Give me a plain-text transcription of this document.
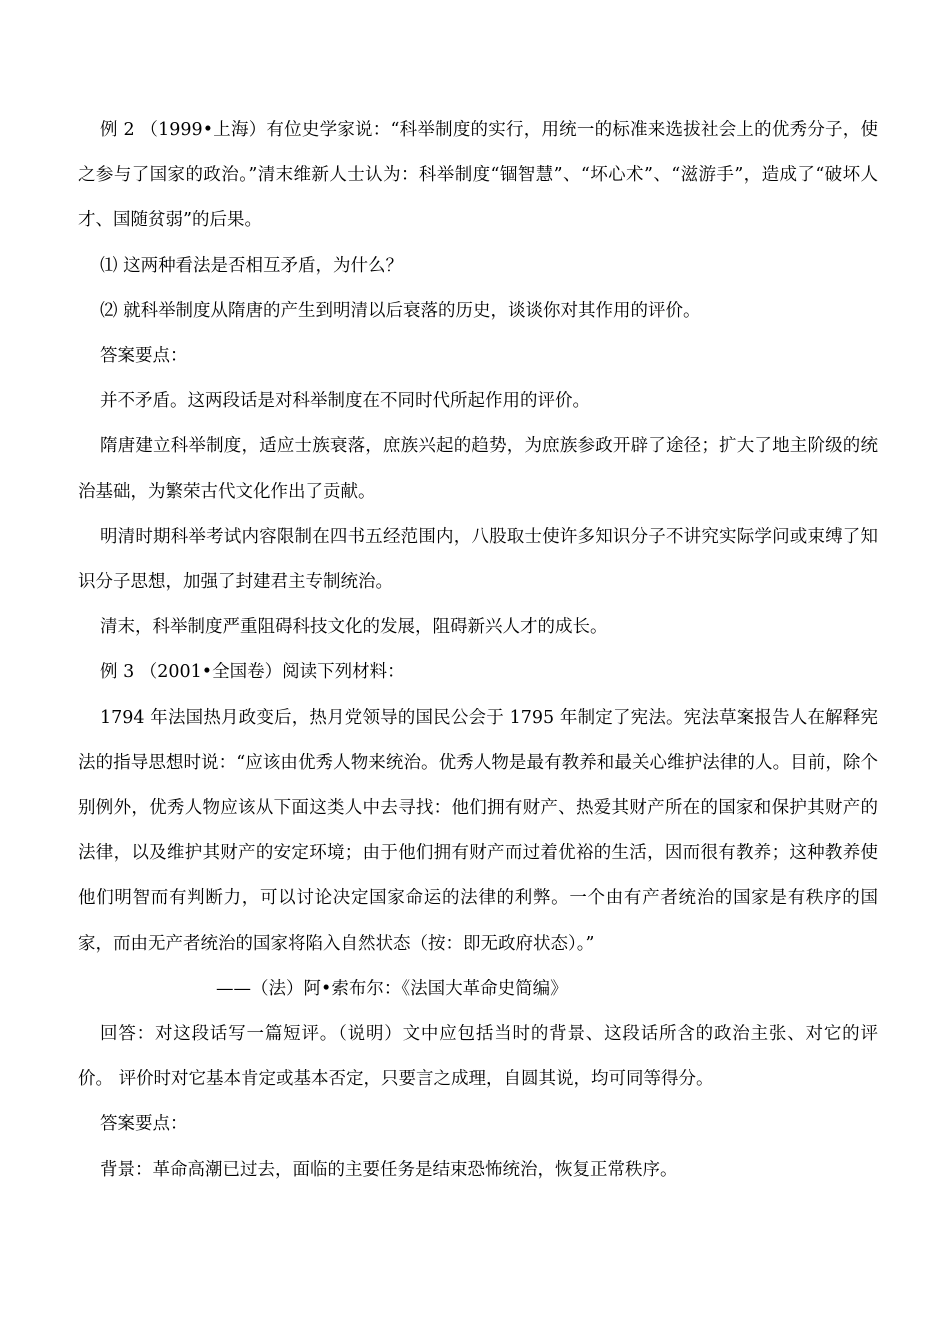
例 2 （1999•上海）有位史学家说：“科举制度的实行，用统一的标准来选拔社会上的优秀分子，使之参与了国家的政治。”清末维新人士认为：科举制度“锢智慧”、“坏心术”、“滋游手”，造成了“破坏人才、国随贫弱”的后果。

⑴ 这两种看法是否相互矛盾，为什么？

⑵ 就科举制度从隋唐的产生到明清以后衰落的历史，谈谈你对其作用的评价。

答案要点：

并不矛盾。这两段话是对科举制度在不同时代所起作用的评价。

隋唐建立科举制度，适应士族衰落，庶族兴起的趋势，为庶族参政开辟了途径；扩大了地主阶级的统治基础，为繁荣古代文化作出了贡献。

明清时期科举考试内容限制在四书五经范围内，八股取士使许多知识分子不讲究实际学问或束缚了知识分子思想，加强了封建君主专制统治。

清末，科举制度严重阻碍科技文化的发展，阻碍新兴人才的成长。

例 3 （2001•全国卷）阅读下列材料：

1794 年法国热月政变后，热月党领导的国民公会于 1795 年制定了宪法。宪法草案报告人在解释宪法的指导思想时说：“应该由优秀人物来统治。优秀人物是最有教养和最关心维护法律的人。目前，除个别例外，优秀人物应该从下面这类人中去寻找：他们拥有财产、热爱其财产所在的国家和保护其财产的法律，以及维护其财产的安定环境；由于他们拥有财产而过着优裕的生活，因而很有教养；这种教养使他们明智而有判断力，可以讨论决定国家命运的法律的利弊。一个由有产者统治的国家是有秩序的国家，而由无产者统治的国家将陷入自然状态（按：即无政府状态）。”

——（法）阿•索布尔：《法国大革命史简编》

回答：对这段话写一篇短评。（说明）文中应包括当时的背景、这段话所含的政治主张、对它的评价。 评价时对它基本肯定或基本否定，只要言之成理，自圆其说，均可同等得分。

答案要点：

背景：革命高潮已过去，面临的主要任务是结束恐怖统治，恢复正常秩序。
